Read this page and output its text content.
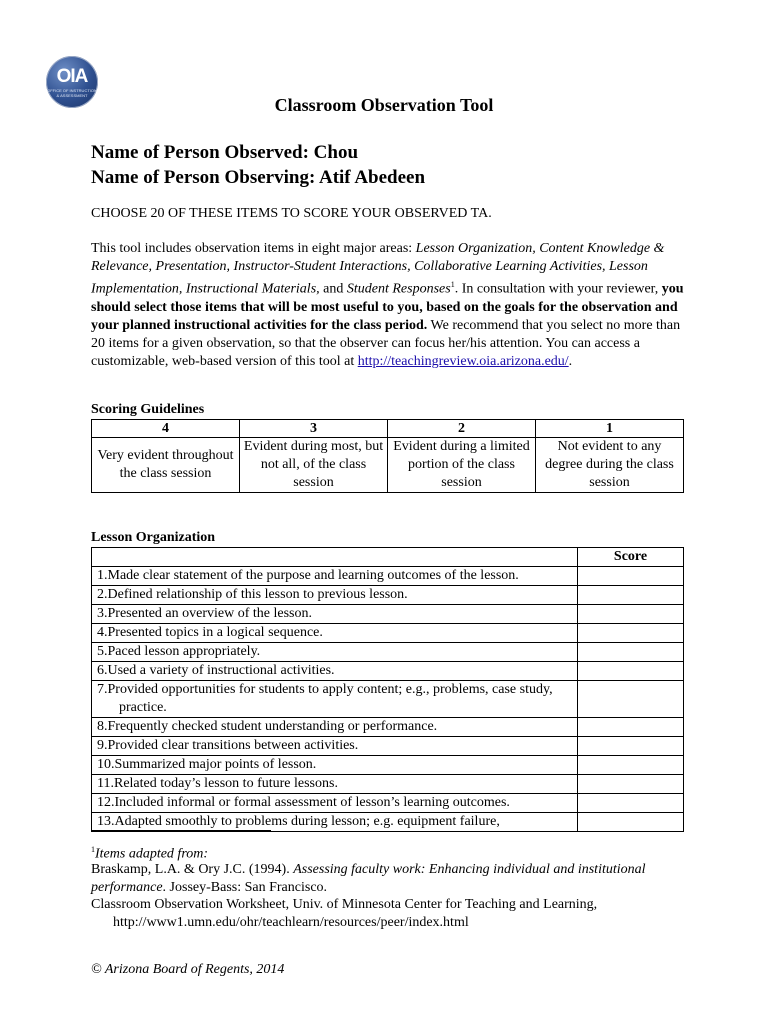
OIA
OFFICE OF INSTRUCTION & ASSESSMENT	Classroom Observation Tool
Name of Person Observed: Chou
Name of Person Observing: Atif Abedeen
CHOOSE 20 OF THESE ITEMS TO SCORE YOUR OBSERVED TA.
This tool includes observation items in eight major areas: Lesson Organization, Content Knowledge & Relevance, Presentation, Instructor-Student Interactions, Collaborative Learning Activities, Lesson Implementation, Instructional Materials, and Student Responses$^1$. In consultation with your reviewer, you should select those items that will be most useful to you, based on the goals for the observation and your planned instructional activities for the class period. We recommend that you select no more than 20 items for a given observation, so that the observer can focus her/his attention. You can access a customizable, web-based version of this tool at http://teachingreview.oia.arizona.edu/.
Scoring Guidelines
4	3	2	1
Very evident throughout the class session	Evident during most, but not all, of the class session	Evident during a limited portion of the class session	Not evident to any degree during the class session
Lesson Organization
	Score

1.Made clear statement of the purpose and learning outcomes of the lesson.	

2.Defined relationship of this lesson to previous lesson.	

3.Presented an overview of the lesson.	

4.Presented topics in a logical sequence.	

5.Paced lesson appropriately.	

6.Used a variety of instructional activities.	

7.Provided opportunities for students to apply content; e.g., problems, case study, practice.	

8.Frequently checked student understanding or performance.	

9.Provided clear transitions between activities.	

10.Summarized major points of lesson.	

11.Related today’s lesson to future lessons.	

12.Included informal or formal assessment of lesson’s learning outcomes.	

13.Adapted smoothly to problems during lesson; e.g. equipment failure,	

$^1$Items adapted from:
Braskamp, L.A. & Ory J.C. (1994). Assessing faculty work: Enhancing individual and institutional performance. Jossey-Bass: San Francisco.
Classroom Observation Worksheet, Univ. of Minnesota Center for Teaching and Learning,
http://www1.umn.edu/ohr/teachlearn/resources/peer/index.html
© Arizona Board of Regents, 2014
